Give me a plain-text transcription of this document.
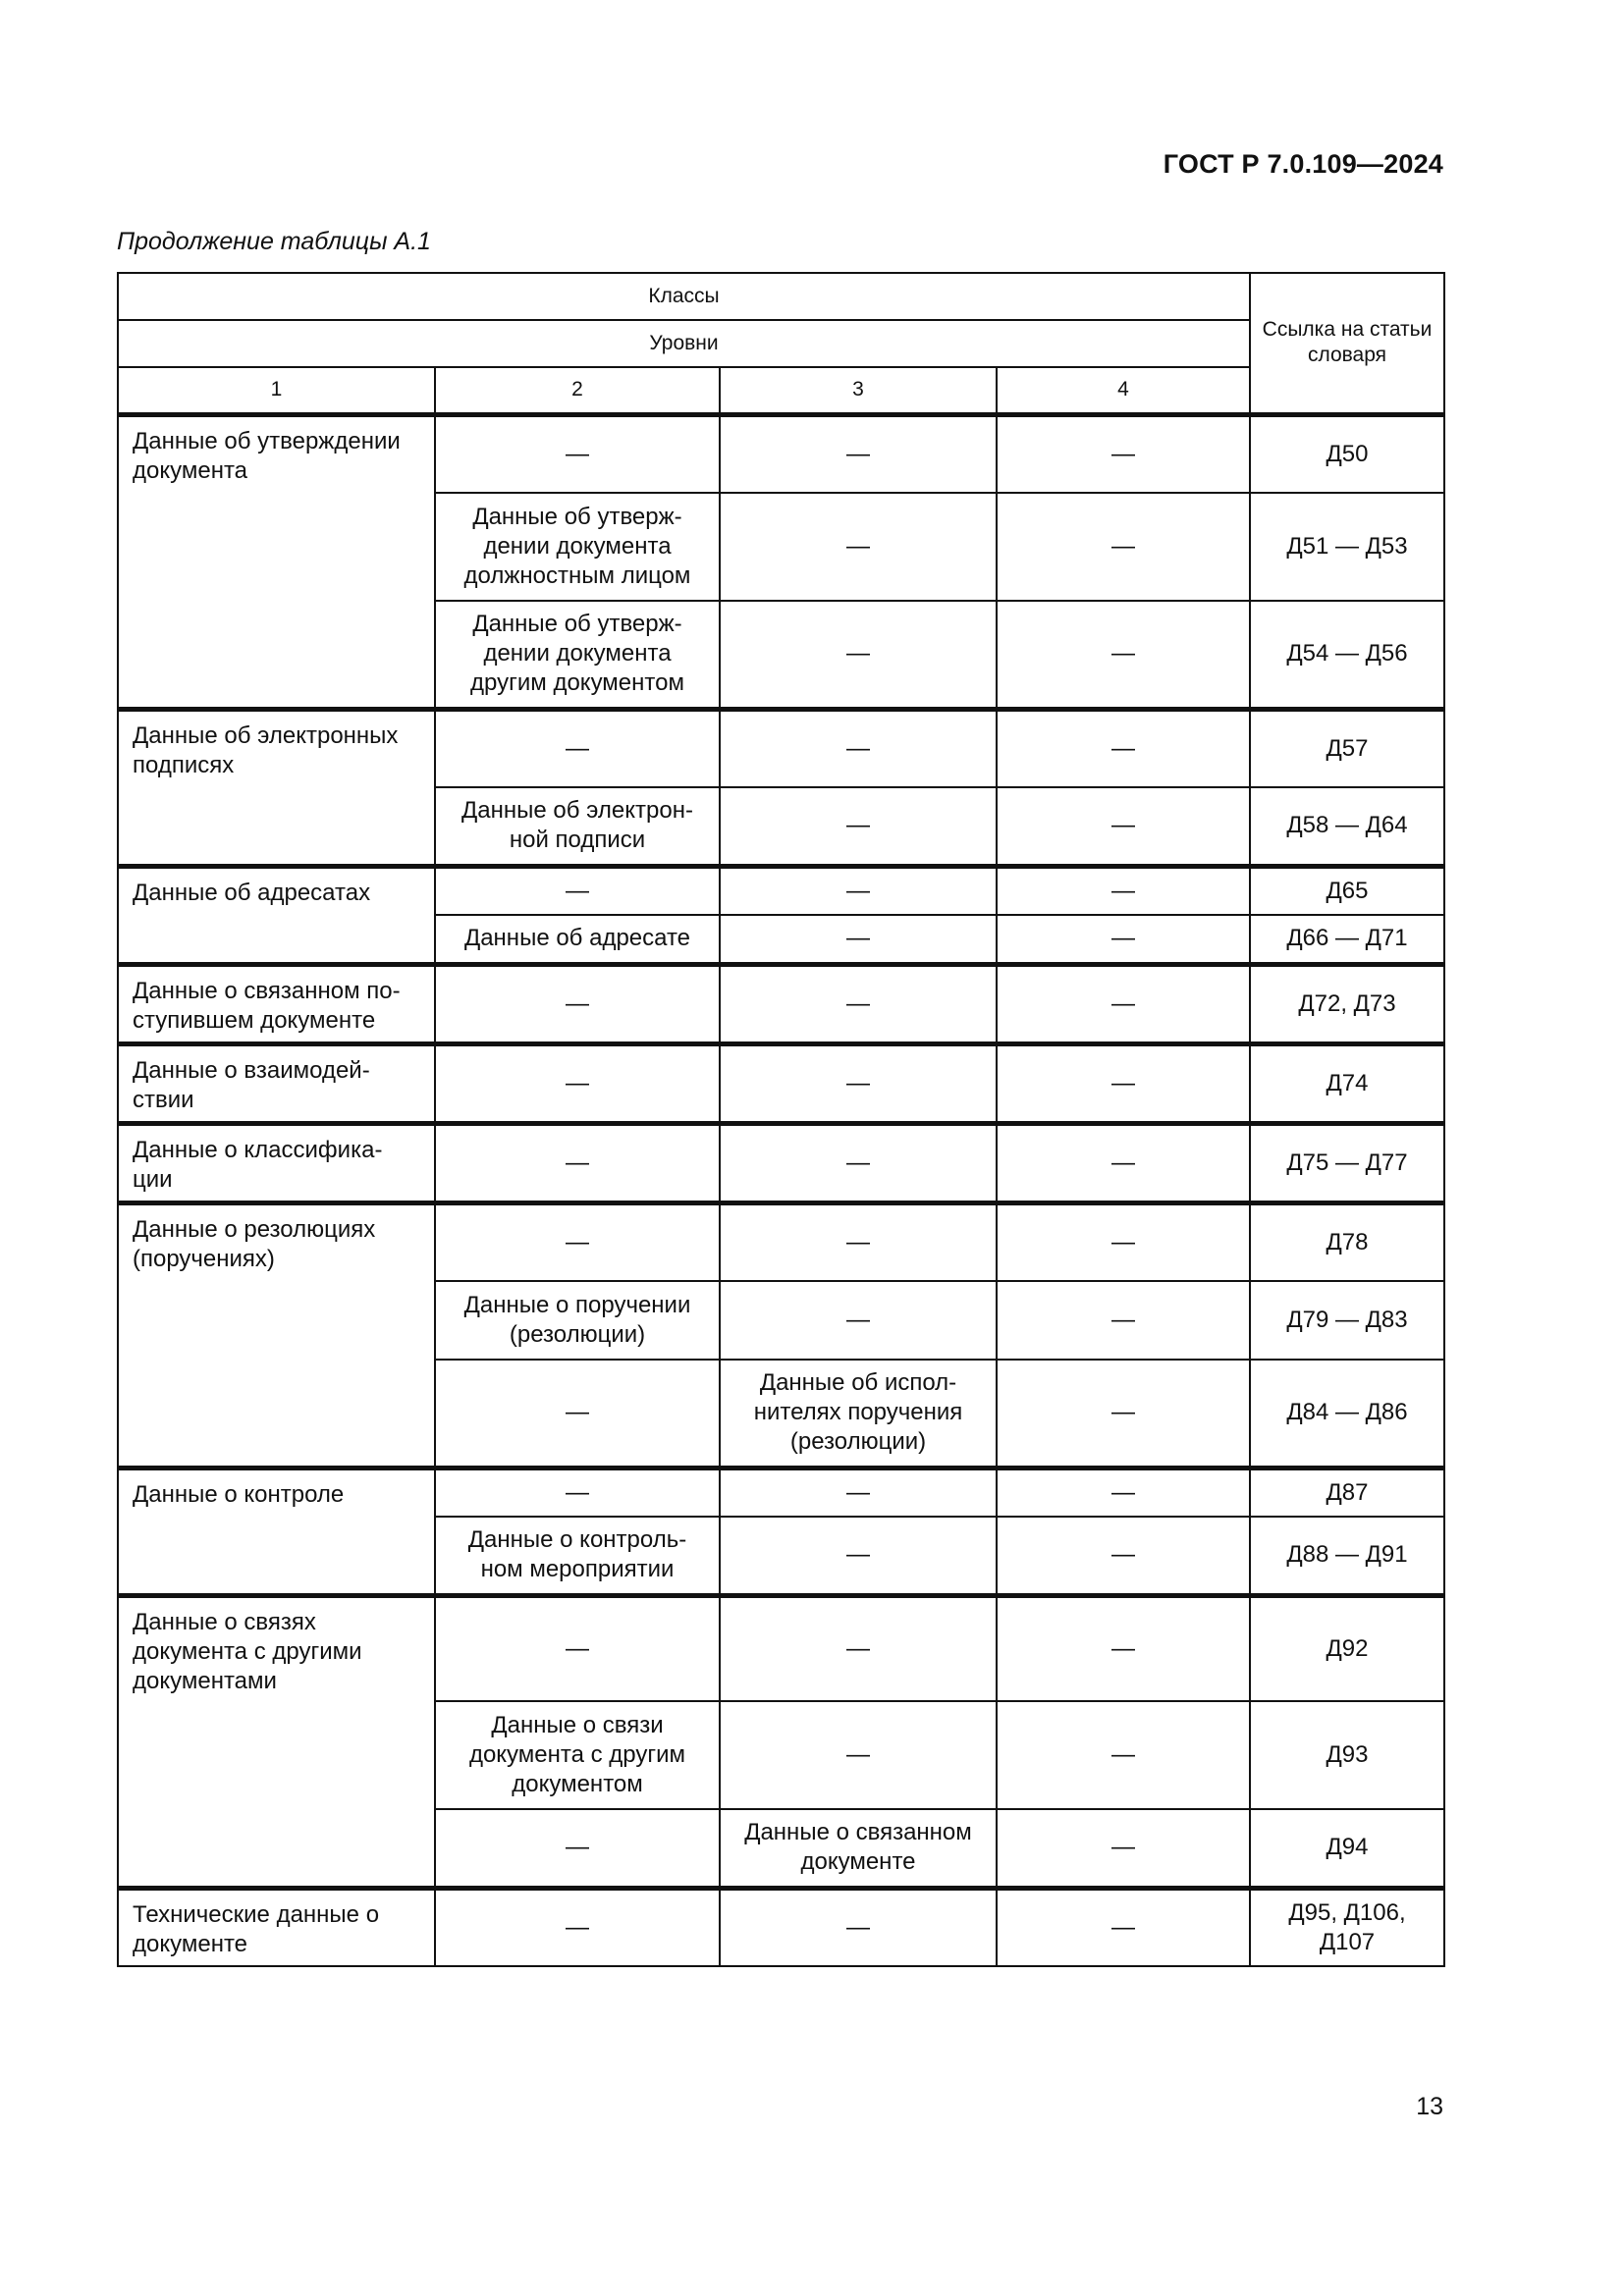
ГОСТ Р 7.0.109—2024
Продолжение таблицы А.1
Классы				Ссылка на статьи словаря
Уровни				
1	2	3	4	
Данные об утверждении документа	—	—	—	Д50
	Данные об утверж-дении документа должностным лицом	—	—	Д51 — Д53
	Данные об утверж-дении документа другим документом	—	—	Д54 — Д56
Данные об электронных подписях	—	—	—	Д57
	Данные об электрон-ной подписи	—	—	Д58 — Д64
Данные об адресатах	—	—	—	Д65
	Данные об адресате	—	—	Д66 — Д71
Данные о связанном по-ступившем документе	—	—	—	Д72, Д73
Данные о взаимодей-ствии	—	—	—	Д74
Данные о классифика-ции	—	—	—	Д75 — Д77
Данные о резолюциях (поручениях)	—	—	—	Д78
	Данные о поручении (резолюции)	—	—	Д79 — Д83
	—	Данные об испол-нителях поручения (резолюции)	—	Д84 — Д86
Данные о контроле	—	—	—	Д87
	Данные о контроль-ном мероприятии	—	—	Д88 — Д91
Данные о связях документа с другими документами	—	—	—	Д92
	Данные о связи документа с другим документом	—	—	Д93
	—	Данные о связанном документе	—	Д94
Технические данные о документе	—	—	—	Д95, Д106, Д107
13
